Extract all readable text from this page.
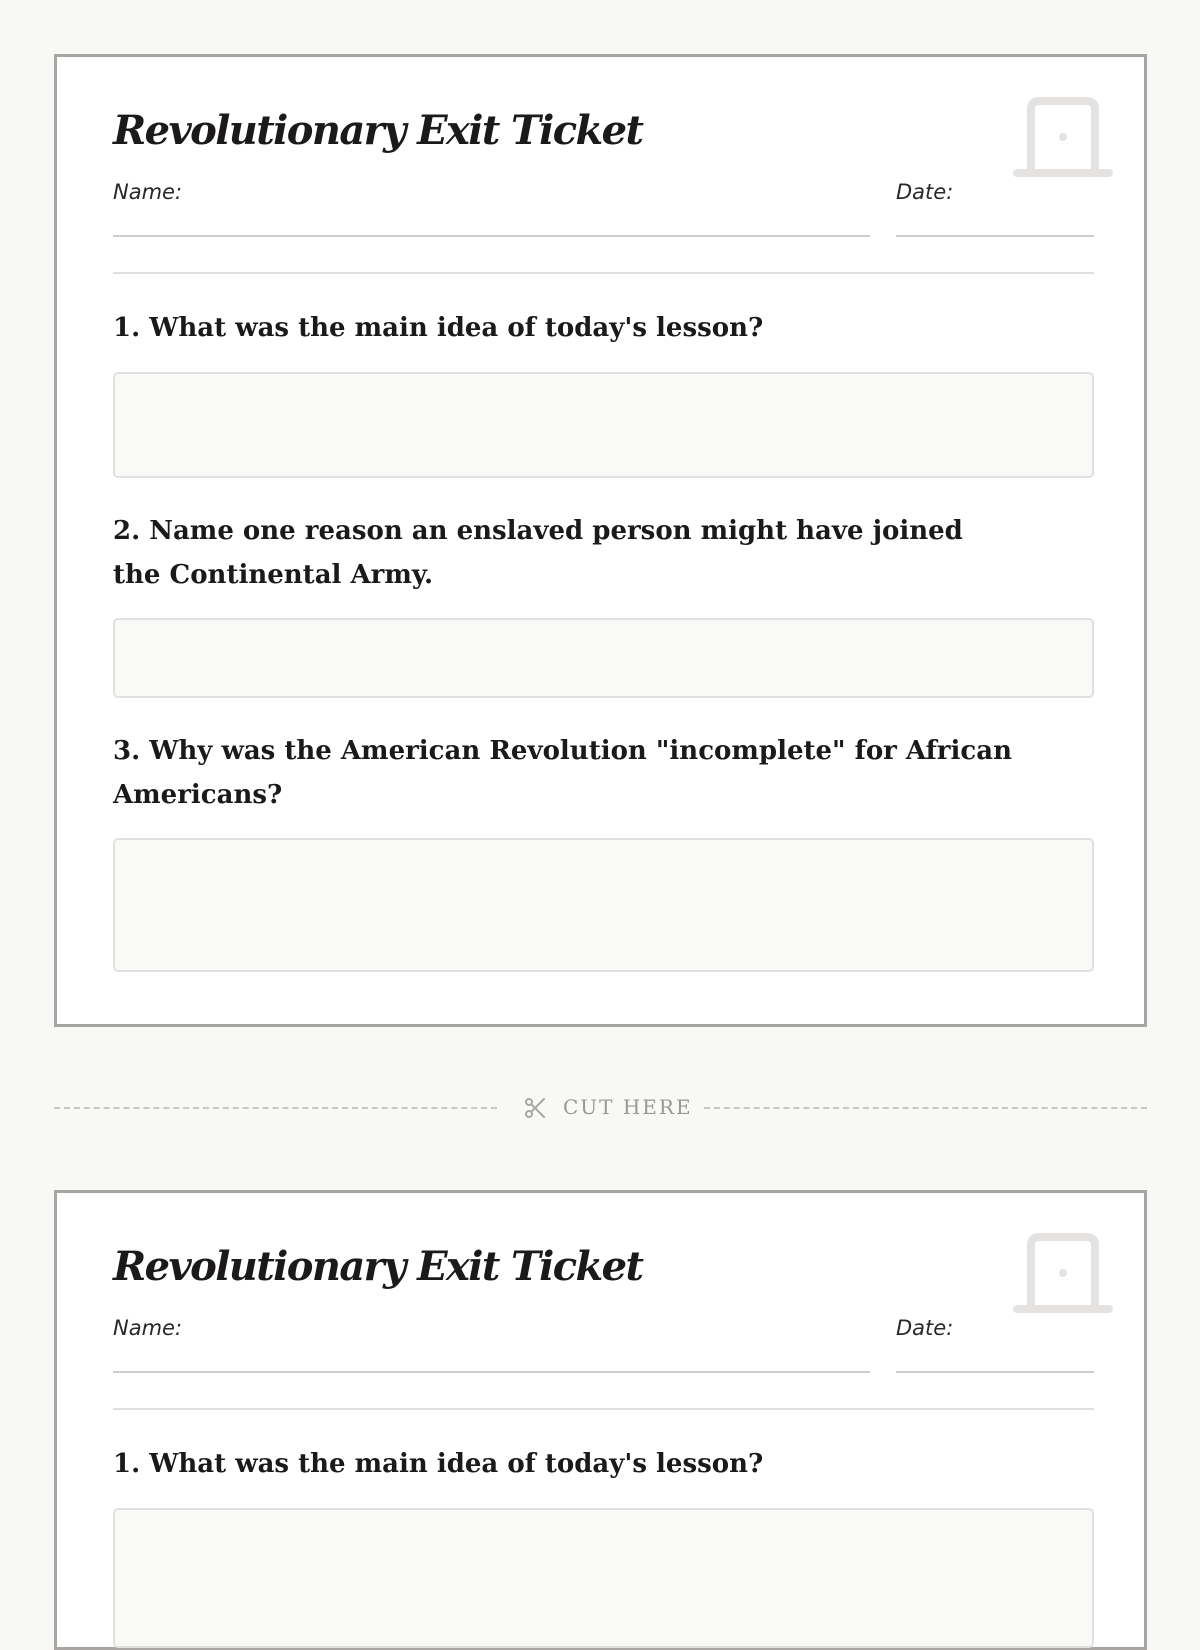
Revolutionary Exit Ticket
Name:	Date:

1. What was the main idea of today's lesson?

2. Name one reason an enslaved person might have joined the Continental Army.

3. Why was the American Revolution "incomplete" for African Americans?

CUT HERE
Revolutionary Exit Ticket
Name:	Date:

1. What was the main idea of today's lesson?
